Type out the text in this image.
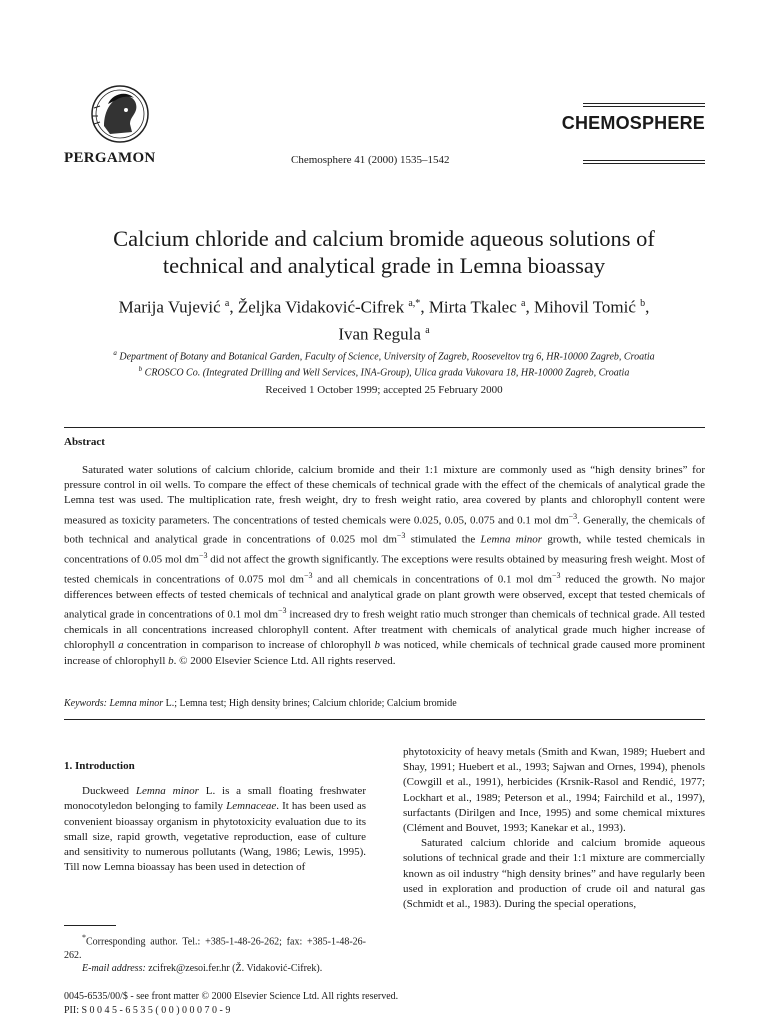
PERGAMON	Chemosphere 41 (2000) 1535–1542
CHEMOSPHERE
Calcium chloride and calcium bromide aqueous solutions of
technical and analytical grade in Lemna bioassay
Marija Vujević $^a$, Željka Vidaković-Cifrek $^{a,*}$, Mirta Tkalec $^a$, Mihovil Tomić $^b$,
Ivan Regula $^a$
$^a$ Department of Botany and Botanical Garden, Faculty of Science, University of Zagreb, Rooseveltov trg 6, HR-10000 Zagreb, Croatia
$^b$ CROSCO Co. (Integrated Drilling and Well Services, INA-Group), Ulica grada Vukovara 18, HR-10000 Zagreb, Croatia
Received 1 October 1999; accepted 25 February 2000
Abstract
Saturated water solutions of calcium chloride, calcium bromide and their 1:1 mixture are commonly used as “high density brines” for pressure control in oil wells. To compare the effect of these chemicals of technical grade with the effect of the chemicals of analytical grade the Lemna test was used. The multiplication rate, fresh weight, dry to fresh weight ratio, area covered by plants and chlorophyll content were measured as toxicity parameters. The concentrations of tested chemicals were 0.025, 0.05, 0.075 and 0.1 mol $dm^{-3}$. Generally, the chemicals of both technical and analytical grade in concentrations of 0.025 mol $dm^{-3}$ stimulated the Lemna minor growth, while tested chemicals in concentrations of 0.05 mol $dm^{-3}$ did not affect the growth significantly. The exceptions were results obtained by measuring fresh weight. Most of tested chemicals in concentrations of 0.075 mol $dm^{-3}$ and all chemicals in concentrations of 0.1 mol $dm^{-3}$ reduced the growth. No major differences between effects of tested chemicals of technical and analytical grade on plant growth were observed, except that tested chemicals of analytical grade in concentrations of 0.1 mol $dm^{-3}$ increased dry to fresh weight ratio much stronger than chemicals of technical grade. All tested chemicals in all concentrations increased chlorophyll content. After treatment with chemicals of analytical grade much higher increase of chlorophyll a concentration in comparison to increase of chlorophyll b was noticed, while chemicals of technical grade caused more prominent increase of chlorophyll b. © 2000 Elsevier Science Ltd. All rights reserved.
Keywords: Lemna minor L.; Lemna test; High density brines; Calcium chloride; Calcium bromide
1. Introduction

Duckweed Lemna minor L. is a small floating freshwater monocotyledon belonging to family Lemnaceae. It has been used as convenient bioassay organism in phytotoxicity evaluation due to its small size, rapid growth, vegetative reproduction, ease of culture and sensitivity to numerous pollutants (Wang, 1986; Lewis, 1995). Till now Lemna bioassay has been used in detection of

*Corresponding author. Tel.: +385-1-48-26-262; fax: +385-1-48-26-262.
E-mail address: zcifrek@zesoi.fer.hr (Ž. Vidaković-Cifrek).

phytotoxicity of heavy metals (Smith and Kwan, 1989; Huebert and Shay, 1991; Huebert et al., 1993; Sajwan and Ornes, 1994), phenols (Cowgill et al., 1991), herbicides (Krsnik-Rasol and Rendić, 1977; Lockhart et al., 1989; Peterson et al., 1994; Fairchild et al., 1997), surfactants (Dirilgen and Ince, 1995) and some chemical mixtures (Clément and Bouvet, 1993; Kanekar et al., 1993).

Saturated calcium chloride and calcium bromide aqueous solutions of technical grade and their 1:1 mixture are commercially known as oil industry “high density brines” and have regularly been used in exploration and production of crude oil and natural gas (Schmidt et al., 1983). During the special operations,

0045-6535/00/$ - see front matter © 2000 Elsevier Science Ltd. All rights reserved.
PII: S 0 0 4 5 - 6 5 3 5 ( 0 0 ) 0 0 0 7 0 - 9
